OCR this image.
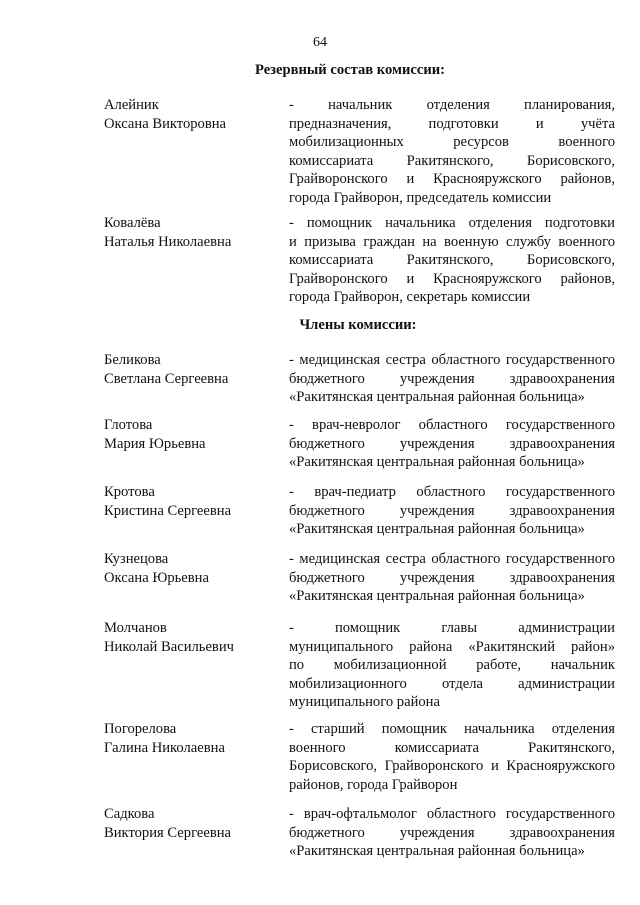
64
Резервный состав комиссии:
Алейник
Оксана Викторовна
- начальник отделения планирования,
предназначения, подготовки и учёта
мобилизационных ресурсов военного
комиссариата Ракитянского, Борисовского,
Грайворонского и Краснояружского районов,
города Грайворон, председатель комиссии
Ковалёва
Наталья Николаевна
- помощник начальника отделения подготовки
и призыва граждан на военную службу военного
комиссариата Ракитянского, Борисовского,
Грайворонского и Краснояружского районов,
города Грайворон, секретарь комиссии
Члены комиссии:
Беликова
Светлана Сергеевна
- медицинская сестра областного государственного
бюджетного учреждения здравоохранения
«Ракитянская центральная районная больница»
Глотова
Мария Юрьевна
- врач-невролог областного государственного
бюджетного учреждения здравоохранения
«Ракитянская центральная районная больница»
Кротова
Кристина Сергеевна
- врач-педиатр областного государственного
бюджетного учреждения здравоохранения
«Ракитянская центральная районная больница»
Кузнецова
Оксана Юрьевна
- медицинская сестра областного государственного
бюджетного учреждения здравоохранения
«Ракитянская центральная районная больница»
Молчанов
Николай Васильевич
- помощник главы администрации
муниципального района «Ракитянский район»
по мобилизационной работе, начальник
мобилизационного отдела администрации
муниципального района
Погорелова
Галина Николаевна
- старший помощник начальника отделения
военного комиссариата Ракитянского,
Борисовского, Грайворонского и Краснояружского
районов, города Грайворон
Садкова
Виктория Сергеевна
- врач-офтальмолог областного государственного
бюджетного учреждения здравоохранения
«Ракитянская центральная районная больница»
